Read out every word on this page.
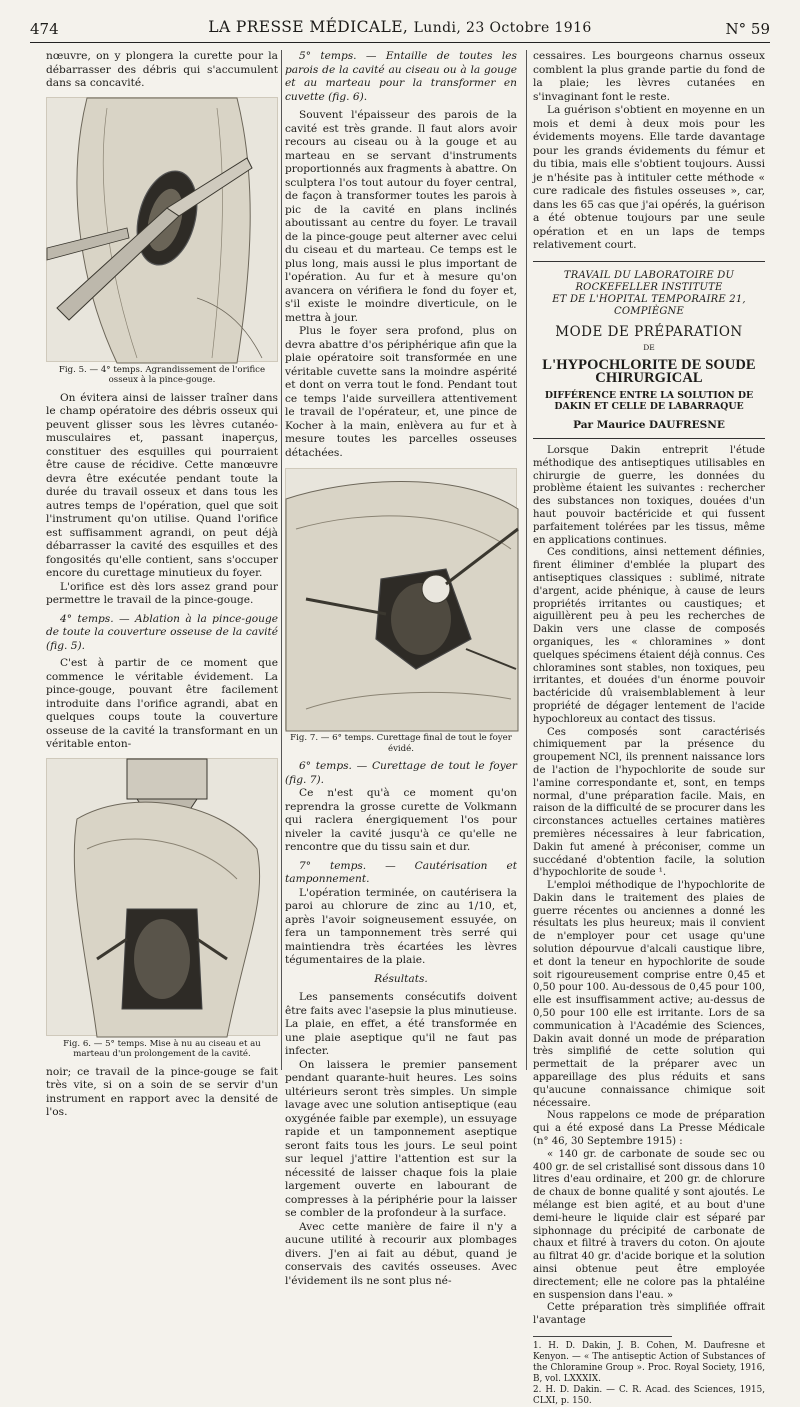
474	LA PRESSE MÉDICALE, Lundi, 23 Octobre 1916	N° 59

nœuvre, on y plongera la curette pour la débarrasser des débris qui s'accumulent dans sa concavité.

Fig. 5. — 4° temps. Agrandissement de l'orifice osseux à la pince-gouge.

On évitera ainsi de laisser traîner dans le champ opératoire des débris osseux qui peuvent glisser sous les lèvres cutanéo-musculaires et, passant inaperçus, constituer des esquilles qui pourraient être cause de récidive. Cette manœuvre devra être exécutée pendant toute la durée du travail osseux et dans tous les autres temps de l'opération, quel que soit l'instrument qu'on utilise. Quand l'orifice est suffisamment agrandi, on peut déjà débarrasser la cavité des esquilles et des fongosités qu'elle contient, sans s'occuper encore du curettage minutieux du foyer.

L'orifice est dès lors assez grand pour permettre le travail de la pince-gouge.

4° temps. — Ablation à la pince-gouge de toute la couverture osseuse de la cavité (fig. 5).

C'est à partir de ce moment que commence le véritable évidement. La pince-gouge, pouvant être facilement introduite dans l'orifice agrandi, abat en quelques coups toute la couverture osseuse de la cavité la transformant en un véritable enton-

Fig. 6. — 5° temps. Mise à nu au ciseau et au marteau d'un prolongement de la cavité.

noir; ce travail de la pince-gouge se fait très vite, si on a soin de se servir d'un instrument en rapport avec la densité de l'os.

5° temps. — Entaille de toutes les parois de la cavité au ciseau ou à la gouge et au marteau pour la transformer en cuvette (fig. 6).

Souvent l'épaisseur des parois de la cavité est très grande. Il faut alors avoir recours au ciseau ou à la gouge et au marteau en se servant d'instruments proportionnés aux fragments à abattre. On sculptera l'os tout autour du foyer central, de façon à transformer toutes les parois à pic de la cavité en plans inclinés aboutissant au centre du foyer. Le travail de la pince-gouge peut alterner avec celui du ciseau et du marteau. Ce temps est le plus long, mais aussi le plus important de l'opération. Au fur et à mesure qu'on avancera on vérifiera le fond du foyer et, s'il existe le moindre diverticule, on le mettra à jour.

Plus le foyer sera profond, plus on devra abattre d'os périphérique afin que la plaie opératoire soit transformée en une véritable cuvette sans la moindre aspérité et dont on verra tout le fond. Pendant tout ce temps l'aide surveillera attentivement le travail de l'opérateur, et, une pince de Kocher à la main, enlèvera au fur et à mesure toutes les parcelles osseuses détachées.

Fig. 7. — 6° temps. Curettage final de tout le foyer évidé.

6° temps. — Curettage de tout le foyer (fig. 7).

Ce n'est qu'à ce moment qu'on reprendra la grosse curette de Volkmann qui raclera énergiquement l'os pour niveler la cavité jusqu'à ce qu'elle ne rencontre que du tissu sain et dur.

7° temps. — Cautérisation et tamponnement.

L'opération terminée, on cautérisera la paroi au chlorure de zinc au 1/10, et, après l'avoir soigneusement essuyée, on fera un tamponnement très serré qui maintiendra très écartées les lèvres tégumentaires de la plaie.

Résultats.

Les pansements consécutifs doivent être faits avec l'asepsie la plus minutieuse. La plaie, en effet, a été transformée en une plaie aseptique qu'il ne faut pas infecter.

On laissera le premier pansement pendant quarante-huit heures. Les soins ultérieurs seront très simples. Un simple lavage avec une solution antiseptique (eau oxygénée faible par exemple), un essuyage rapide et un tamponnement aseptique seront faits tous les jours. Le seul point sur lequel j'attire l'attention est sur la nécessité de laisser chaque fois la plaie largement ouverte en labourant de compresses à la périphérie pour la laisser se combler de la profondeur à la surface.

Avec cette manière de faire il n'y a aucune utilité à recourir aux plombages divers. J'en ai fait au début, quand je conservais des cavités osseuses. Avec l'évidement ils ne sont plus né-

cessaires. Les bourgeons charnus osseux comblent la plus grande partie du fond de la plaie; les lèvres cutanées en s'invaginant font le reste.

La guérison s'obtient en moyenne en un mois et demi à deux mois pour les évidements moyens. Elle tarde davantage pour les grands évidements du fémur et du tibia, mais elle s'obtient toujours. Aussi je n'hésite pas à intituler cette méthode « cure radicale des fistules osseuses », car, dans les 65 cas que j'ai opérés, la guérison a été obtenue toujours par une seule opération et en un laps de temps relativement court.

TRAVAIL DU LABORATOIRE DU ROCKEFELLER INSTITUTE

ET DE L'HOPITAL TEMPORAIRE 21, COMPIÈGNE

MODE DE PRÉPARATION

DE

L'HYPOCHLORITE DE SOUDE CHIRURGICAL

DIFFÉRENCE ENTRE LA SOLUTION DE DAKIN ET CELLE DE LABARRAQUE

Par Maurice DAUFRESNE

Lorsque Dakin entreprit l'étude méthodique des antiseptiques utilisables en chirurgie de guerre, les données du problème étaient les suivantes : rechercher des substances non toxiques, douées d'un haut pouvoir bactéricide et qui fussent parfaitement tolérées par les tissus, même en applications continues.

Ces conditions, ainsi nettement définies, firent éliminer d'emblée la plupart des antiseptiques classiques : sublimé, nitrate d'argent, acide phénique, à cause de leurs propriétés irritantes ou caustiques; et aiguillèrent peu à peu les recherches de Dakin vers une classe de composés organiques, les « chloramines » dont quelques spécimens étaient déjà connus. Ces chloramines sont stables, non toxiques, peu irritantes, et douées d'un énorme pouvoir bactéricide dû vraisemblablement à leur propriété de dégager lentement de l'acide hypochloreux au contact des tissus.

Ces composés sont caractérisés chimiquement par la présence du groupement NCl, ils prennent naissance lors de l'action de l'hypochlorite de soude sur l'amine correspondante et, sont, en temps normal, d'une préparation facile. Mais, en raison de la difficulté de se procurer dans les circonstances actuelles certaines matières premières nécessaires à leur fabrication, Dakin fut amené à préconiser, comme un succédané d'obtention facile, la solution d'hypochlorite de soude ¹.

L'emploi méthodique de l'hypochlorite de Dakin dans le traitement des plaies de guerre récentes ou anciennes a donné les résultats les plus heureux; mais il convient de n'employer pour cet usage qu'une solution dépourvue d'alcali caustique libre, et dont la teneur en hypochlorite de soude soit rigoureusement comprise entre 0,45 et 0,50 pour 100. Au-dessous de 0,45 pour 100, elle est insuffisamment active; au-dessus de 0,50 pour 100 elle est irritante. Lors de sa communication à l'Académie des Sciences, Dakin avait donné un mode de préparation très simplifié de cette solution qui permettait de la préparer avec un appareillage des plus réduits et sans qu'aucune connaissance chimique soit nécessaire.

Nous rappelons ce mode de préparation qui a été exposé dans La Presse Médicale (n° 46, 30 Septembre 1915) :

« 140 gr. de carbonate de soude sec ou 400 gr. de sel cristallisé sont dissous dans 10 litres d'eau ordinaire, et 200 gr. de chlorure de chaux de bonne qualité y sont ajoutés. Le mélange est bien agité, et au bout d'une demi-heure le liquide clair est séparé par siphonnage du précipité de carbonate de chaux et filtré à travers du coton. On ajoute au filtrat 40 gr. d'acide borique et la solution ainsi obtenue peut être employée directement; elle ne colore pas la phtaléine en suspension dans l'eau. »

Cette préparation très simplifiée offrait l'avantage

1. H. D. Dakin, J. B. Cohen, M. Daufresne et Kenyon. — « The antiseptic Action of Substances of the Chloramine Group ». Proc. Royal Society, 1916, B, vol. LXXXIX.

2. H. D. Dakin. — C. R. Acad. des Sciences, 1915, CLXI, p. 150.
